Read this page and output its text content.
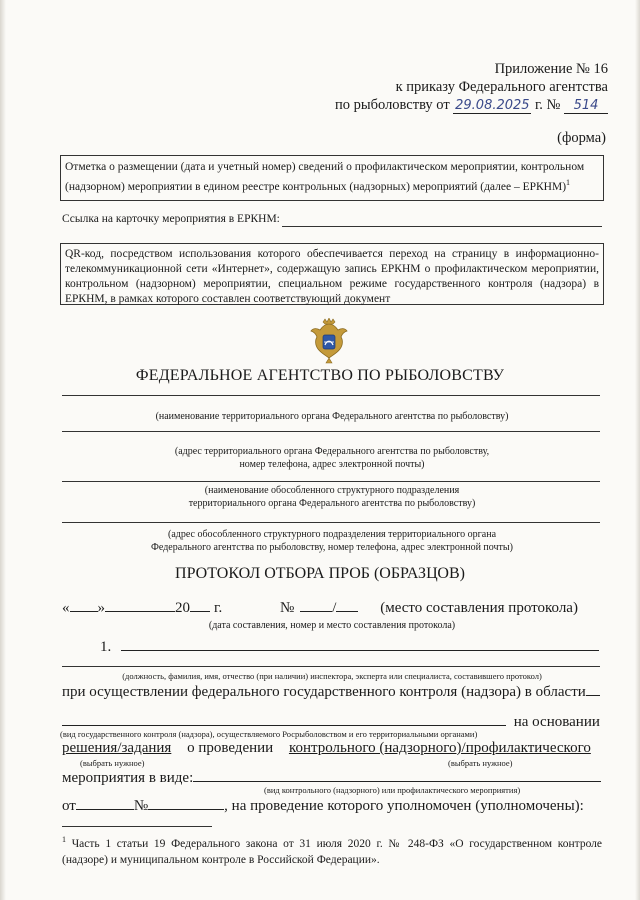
Приложение № 16
к приказу Федерального агентства
по рыболовству от 29.08.2025 г. № 514
(форма)
Отметка о размещении (дата и учетный номер) сведений о профилактическом мероприятии, контрольном (надзорном) мероприятии в едином реестре контрольных (надзорных) мероприятий (далее – ЕРКНМ)$^1$
Ссылка на карточку мероприятия в ЕРКНМ:
QR-код, посредством использования которого обеспечивается переход на страницу в информационно-телекоммуникационной сети «Интернет», содержащую запись ЕРКНМ о профилактическом мероприятии, контрольном (надзорном) мероприятии, специальном режиме государственного контроля (надзора) в ЕРКНМ, в рамках которого составлен соответствующий документ
ФЕДЕРАЛЬНОЕ АГЕНТСТВО ПО РЫБОЛОВСТВУ
(наименование территориального органа Федерального агентства по рыболовству)
(адрес территориального органа Федерального агентства по рыболовству,
номер телефона, адрес электронной почты)
(наименование обособленного структурного подразделения
территориального органа Федерального агентства по рыболовству)
(адрес обособленного структурного подразделения территориального органа
Федерального агентства по рыболовству, номер телефона, адрес электронной почты)
ПРОТОКОЛ ОТБОРА ПРОБ (ОБРАЗЦОВ)
« »	20 г.	№	/	(место составления протокола)
(дата составления, номер и место составления протокола)
1.
(должность, фамилия, имя, отчество (при наличии) инспектора, эксперта или специалиста, составившего протокол)
при осуществлении федерального государственного контроля (надзора) в области
на основании
(вид государственного контроля (надзора), осуществляемого Росрыболовством и его территориальными органами)
решения/задания о проведении контрольного (надзорного)/профилактического
(выбрать нужное)	(выбрать нужное)
мероприятия в виде:
(вид контрольного (надзорного) или профилактического мероприятия)
от	№	, на проведение которого уполномочен (уполномочены):
$^1$ Часть 1 статьи 19 Федерального закона от 31 июля 2020 г. № 248-ФЗ «О государственном контроле (надзоре) и муниципальном контроле в Российской Федерации».
